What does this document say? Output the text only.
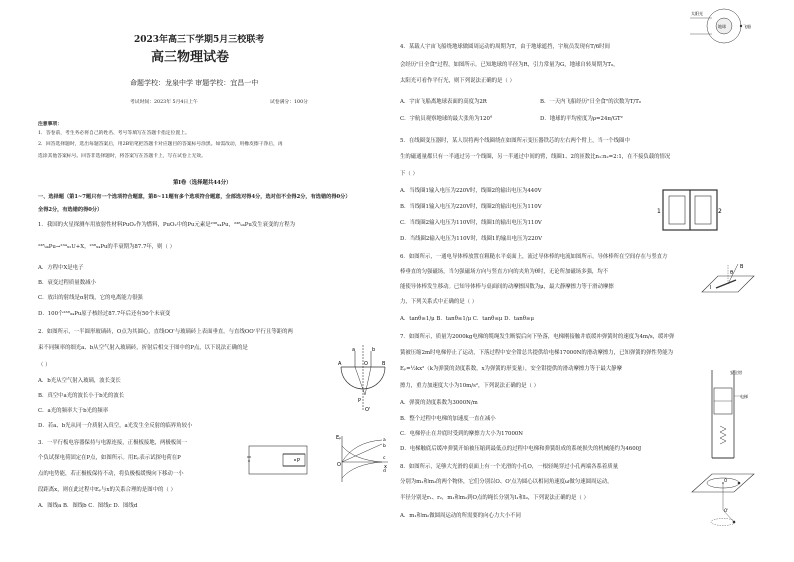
2023年高三下学期5月三校联考
高三物理试卷
命题学校：龙泉中学 审题学校：宜昌一中
考试时间：2023年 5月4日上午	试卷满分：100分
注意事项：
1．答卷前，考生务必将自己的姓名、考号等填写在答题卡指定位置上。
2．回答选择题时，选出每题答案后，用2B铅笔把答题卡对应题目的答案标号涂黑。如需改动，用橡皮擦干净后，再
选涂其他答案标号。回答非选择题时，将答案写在答题卡上，写在试卷上无效。
第I卷（选择题共44分）
一、选择题（第1~7题只有一个选项符合题意，第8~11题有多个选项符合题意，全部选对得4分，选对但不全得2分，有选错的得0分）
全得2分，有选错的得0分）
1．我国的火星探测车用放射性材料PuO₂作为燃料，PuO₂中的Pu元素是²³⁸₉₄Pu，²³⁸₉₄Pu发生衰变的方程为
²³⁸₉₄Pu→²³⁴₉₂U+X，²³⁸₉₄Pu的半衰期为87.7年，则（ ）
A．方程中X是电子
B．衰变过程质量数减小
C．放出的射线是α射线，它的电离能力很强
D．100个²³⁸₉₄Pu原子核经过87.7年后还有50个未衰变
2．如图所示，一半圆形玻璃砖，O点为其圆心，直线OO'与玻璃砖上表面垂直。与直线OO'平行且等距的两
束不同频率的细光a、b从空气射入玻璃砖，折射后相交于图中的P点，以下说法正确的是
（ ）
A．b光从空气射入玻璃，波长变长
B．真空中a光的波长小于b光的波长
C．a光的频率大于b光的频率
D．若a、b光从同一介质射入真空，a光发生全反射的临界角较小
3．一平行板电容器保持与电源连接，正极板接地，两极板间一
个负试探电荷固定在P点，如图所示。用Eₚ表示试探电荷在P
点的电势能，若正极板保持不动，将负极板缓慢向下移动一小
段距离x，则在此过程中Eₚ与x的关系合理的是图中的（ ）
A．图线a B．图线b C．图线c D．图线d
a	b
O
P
O'
A	B
P
Eₚ
O	x
a
b
c
d
4．某载人宇宙飞船绕地球做圆周运动的周期为T，由于地球遮挡，宇航员发现有T/6时间
会经历"日全食"过程，如图所示。已知地球的半径为R，引力常量为G，地球自转周期为T₀，
太阳光可看作平行光，则下列说法正确的是（ ）
A．宇宙飞船离地球表面的高度为2R	B．一天内飞船经历"日全食"的次数为T/T₀
C．宇航员观察地球的最大张角为120°	D．地球的平均密度为ρ=24π/GT²
5．在线圈变压器时，某人误将两个线圈绕在如图所示变压器铁芯的左右两个臂上，当一个线圈中
生的磁通量都只有一半通过另一个线圈，另一半通过中间的臂，线圈1、2的匝数比n₁:n₂=2:1，在不接负载的情况
下（ ）
A．当线圈1输入电压为220V时，线圈2的输出电压为440V
B．当线圈1输入电压为220V时，线圈2的输出电压为110V
C．当线圈2输入电压为110V时，线圈1的输出电压为110V
D．当线圈2输入电压为110V时，线圈1的输出电压为220V
6．如图所示，一通电导体棒放置在粗糙水平桌面上，流过导体棒的电流如图所示，导体棒所在空间存在与竖直方
棒垂直的匀强磁场，当匀强磁场方向与竖直方向的夹角为θ时，无论所加磁场多强，均不
能使导体棒发生移动。已知导体棒与桌面间的动摩擦因数为μ，最大静摩擦力等于滑动摩擦
力，下列关系式中正确的是（ ）
A．tanθ≥1/μ B．tanθ≤1/μ C．tanθ≤μ D．tanθ≥μ
7．如图所示，质量为2000kg电梯的缆绳发生断裂后向下坠落，电梯刚接触井底缓冲弹簧时的速度为4m/s，缓冲弹
簧被压缩2m时电梯停止了运动，下落过程中安全钳总共提供给电梯17000N的滑动摩擦力，已知弹簧的弹性势能为
Eₚ=½kx²（k为弹簧的劲度系数，x为弹簧的形变量），安全钳提供的滑动摩擦力等于最大静摩
擦力，重力加速度大小为10m/s²，下列说法正确的是（ ）
A．弹簧的劲度系数为3000N/m
B．整个过程中电梯的加速度一直在减小
C．电梯停止在井底时受到的摩擦力大小为17000N
D．电梯触底后缓冲弹簧开始被压缩到最低点的过程中电梯和弹簧组成的系统损失的机械能约为4600J
8．如图所示，足够大光滑的桌面上有一个光滑的小孔O，一根轻绳穿过小孔两端各系着质量
分别为m₁和m₂的两个物体，它们分别以O、O'点为圆心以相同角速度ω做匀速圆周运动，
半径分别是r₁、r₂，m₁和m₂到O点的绳长分别为l₁和l₂，下列说法正确的是（ ）
A．m₁和m₂做圆周运动的所需要的向心力大小不同
太阳光
地球	飞船
1	2
θ
B
I
安全钳
电梯
O
O'
